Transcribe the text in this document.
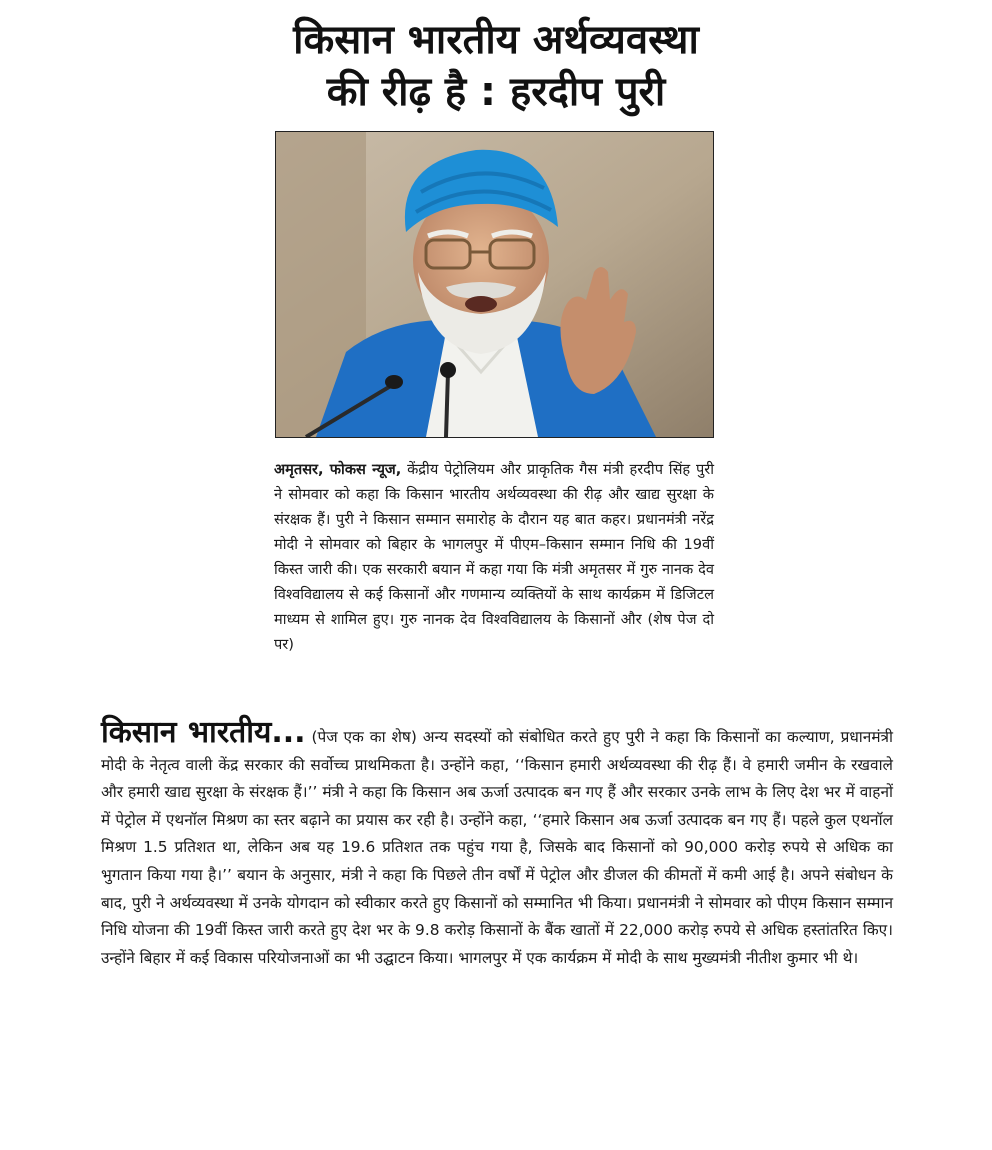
किसान भारतीय अर्थव्यवस्था
की रीढ़ है : हरदीप पुरी
अमृतसर, फोकस न्यूज, केंद्रीय पेट्रोलियम और प्राकृतिक गैस मंत्री हरदीप सिंह पुरी ने सोमवार को कहा कि किसान भारतीय अर्थव्यवस्था की रीढ़ और खाद्य सुरक्षा के संरक्षक हैं। पुरी ने किसान सम्मान समारोह के दौरान यह बात कहर। प्रधानमंत्री नरेंद्र मोदी ने सोमवार को बिहार के भागलपुर में पीएम–किसान सम्मान निधि की 19वीं किस्त जारी की। एक सरकारी बयान में कहा गया कि मंत्री अमृतसर में गुरु नानक देव विश्वविद्यालय से कई किसानों और गणमान्य व्यक्तियों के साथ कार्यक्रम में डिजिटल माध्यम से शामिल हुए। गुरु नानक देव विश्वविद्यालय के किसानों और (शेष पेज दो पर)
किसान भारतीय... (पेज एक का शेष) अन्य सदस्यों को संबोधित करते हुए पुरी ने कहा कि किसानों का कल्याण, प्रधानमंत्री मोदी के नेतृत्व वाली केंद्र सरकार की सर्वोच्च प्राथमिकता है। उन्होंने कहा, ‘‘किसान हमारी अर्थव्यवस्था की रीढ़ हैं। वे हमारी जमीन के रखवाले और हमारी खाद्य सुरक्षा के संरक्षक हैं।’’ मंत्री ने कहा कि किसान अब ऊर्जा उत्पादक बन गए हैं और सरकार उनके लाभ के लिए देश भर में वाहनों में पेट्रोल में एथनॉल मिश्रण का स्तर बढ़ाने का प्रयास कर रही है। उन्होंने कहा, ‘‘हमारे किसान अब ऊर्जा उत्पादक बन गए हैं। पहले कुल एथनॉल मिश्रण 1.5 प्रतिशत था, लेकिन अब यह 19.6 प्रतिशत तक पहुंच गया है, जिसके बाद किसानों को 90,000 करोड़ रुपये से अधिक का भुगतान किया गया है।’’ बयान के अनुसार, मंत्री ने कहा कि पिछले तीन वर्षों में पेट्रोल और डीजल की कीमतों में कमी आई है। अपने संबोधन के बाद, पुरी ने अर्थव्यवस्था में उनके योगदान को स्वीकार करते हुए किसानों को सम्मानित भी किया। प्रधानमंत्री ने सोमवार को पीएम किसान सम्मान निधि योजना की 19वीं किस्त जारी करते हुए देश भर के 9.8 करोड़ किसानों के बैंक खातों में 22,000 करोड़ रुपये से अधिक हस्तांतरित किए। उन्होंने बिहार में कई विकास परियोजनाओं का भी उद्घाटन किया। भागलपुर में एक कार्यक्रम में मोदी के साथ मुख्यमंत्री नीतीश कुमार भी थे।
